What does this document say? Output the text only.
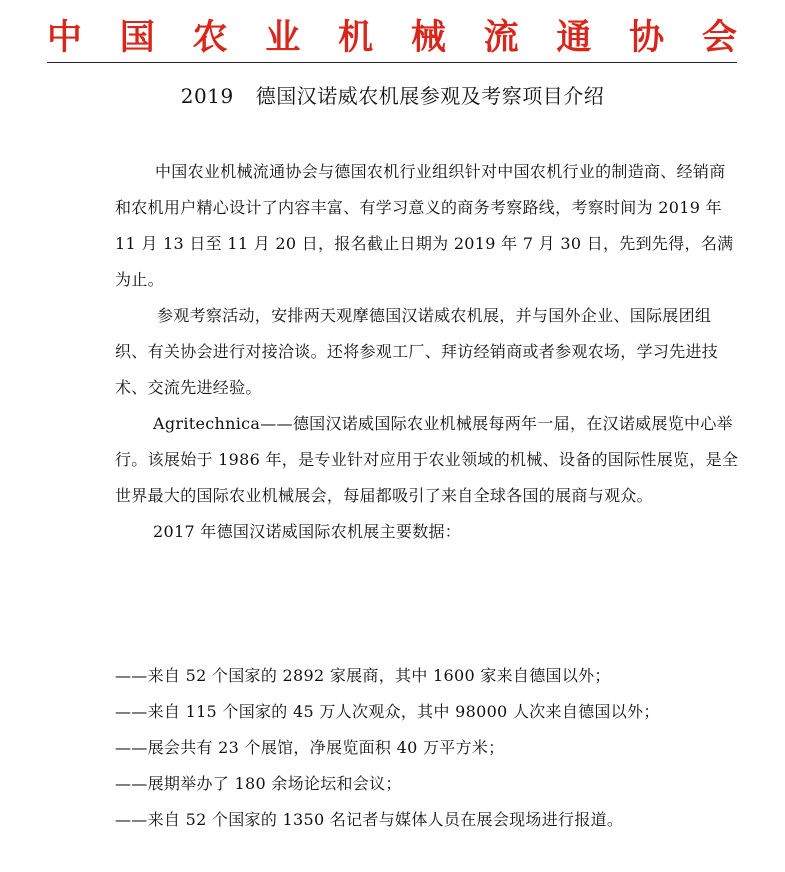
中 国 农 业 机 械 流 通 协 会
2019 德国汉诺威农机展参观及考察项目介绍

中国农业机械流通协会与德国农机行业组织针对中国农机行业的制造商、经销商和农机用户精心设计了内容丰富、有学习意义的商务考察路线，考察时间为 2019 年 11 月 13 日至 11 月 20 日，报名截止日期为 2019 年 7 月 30 日，先到先得，名满为止。

参观考察活动，安排两天观摩德国汉诺威农机展，并与国外企业、国际展团组织、有关协会进行对接洽谈。还将参观工厂、拜访经销商或者参观农场，学习先进技术、交流先进经验。

Agritechnica——德国汉诺威国际农业机械展每两年一届，在汉诺威展览中心举行。该展始于 1986 年，是专业针对应用于农业领域的机械、设备的国际性展览，是全世界最大的国际农业机械展会，每届都吸引了来自全球各国的展商与观众。

2017 年德国汉诺威国际农机展主要数据：

——来自 52 个国家的 2892 家展商，其中 1600 家来自德国以外；

——来自 115 个国家的 45 万人次观众，其中 98000 人次来自德国以外；

——展会共有 23 个展馆，净展览面积 40 万平方米；

——展期举办了 180 余场论坛和会议；

——来自 52 个国家的 1350 名记者与媒体人员在展会现场进行报道。
